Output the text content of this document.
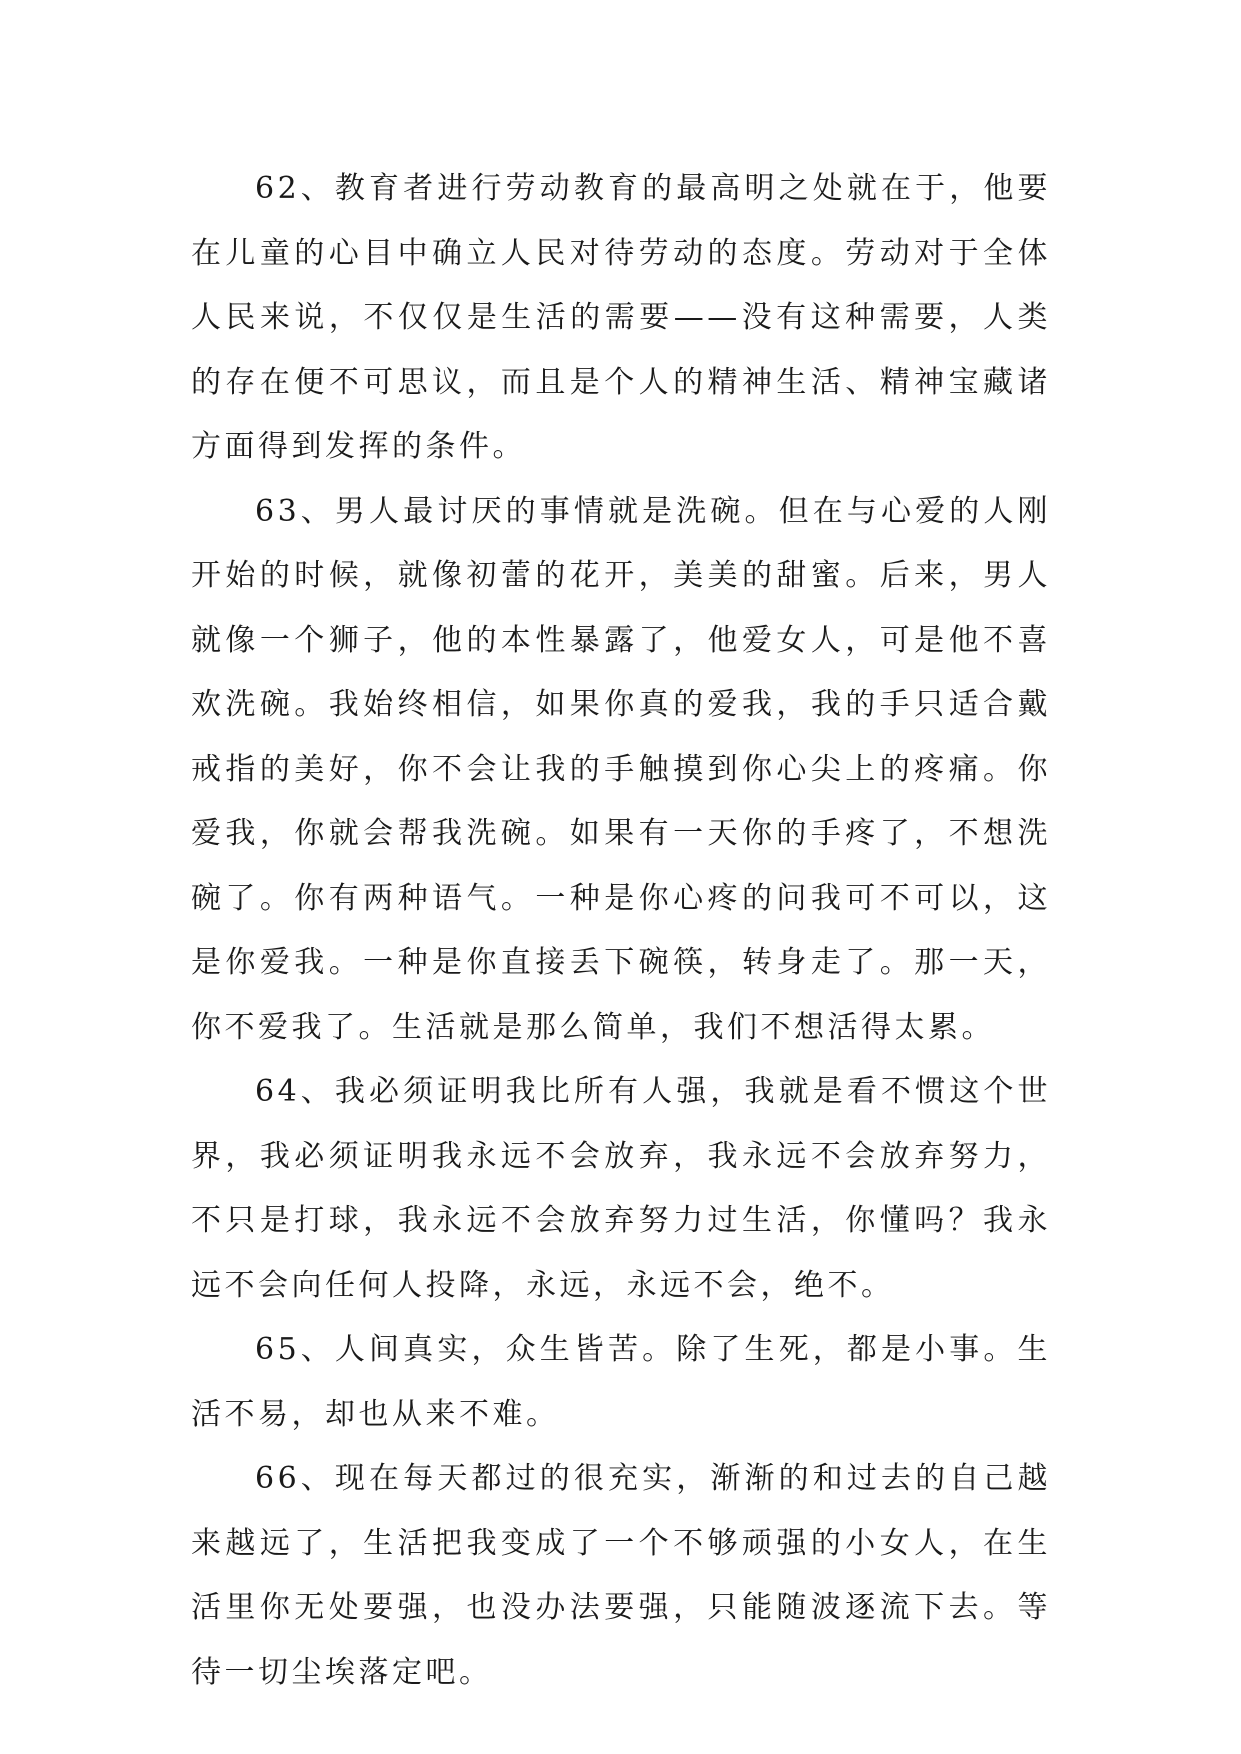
62、教育者进行劳动教育的最高明之处就在于，他要在儿童的心目中确立人民对待劳动的态度。劳动对于全体人民来说，不仅仅是生活的需要——没有这种需要，人类的存在便不可思议，而且是个人的精神生活、精神宝藏诸方面得到发挥的条件。

63、男人最讨厌的事情就是洗碗。但在与心爱的人刚开始的时候，就像初蕾的花开，美美的甜蜜。后来，男人就像一个狮子，他的本性暴露了，他爱女人，可是他不喜欢洗碗。我始终相信，如果你真的爱我，我的手只适合戴戒指的美好，你不会让我的手触摸到你心尖上的疼痛。你爱我，你就会帮我洗碗。如果有一天你的手疼了，不想洗碗了。你有两种语气。一种是你心疼的问我可不可以，这是你爱我。一种是你直接丢下碗筷，转身走了。那一天，你不爱我了。生活就是那么简单，我们不想活得太累。

64、我必须证明我比所有人强，我就是看不惯这个世界，我必须证明我永远不会放弃，我永远不会放弃努力，不只是打球，我永远不会放弃努力过生活，你懂吗？我永远不会向任何人投降，永远，永远不会，绝不。

65、人间真实，众生皆苦。除了生死，都是小事。生活不易，却也从来不难。

66、现在每天都过的很充实，渐渐的和过去的自己越来越远了，生活把我变成了一个不够顽强的小女人，在生活里你无处要强，也没办法要强，只能随波逐流下去。等待一切尘埃落定吧。
